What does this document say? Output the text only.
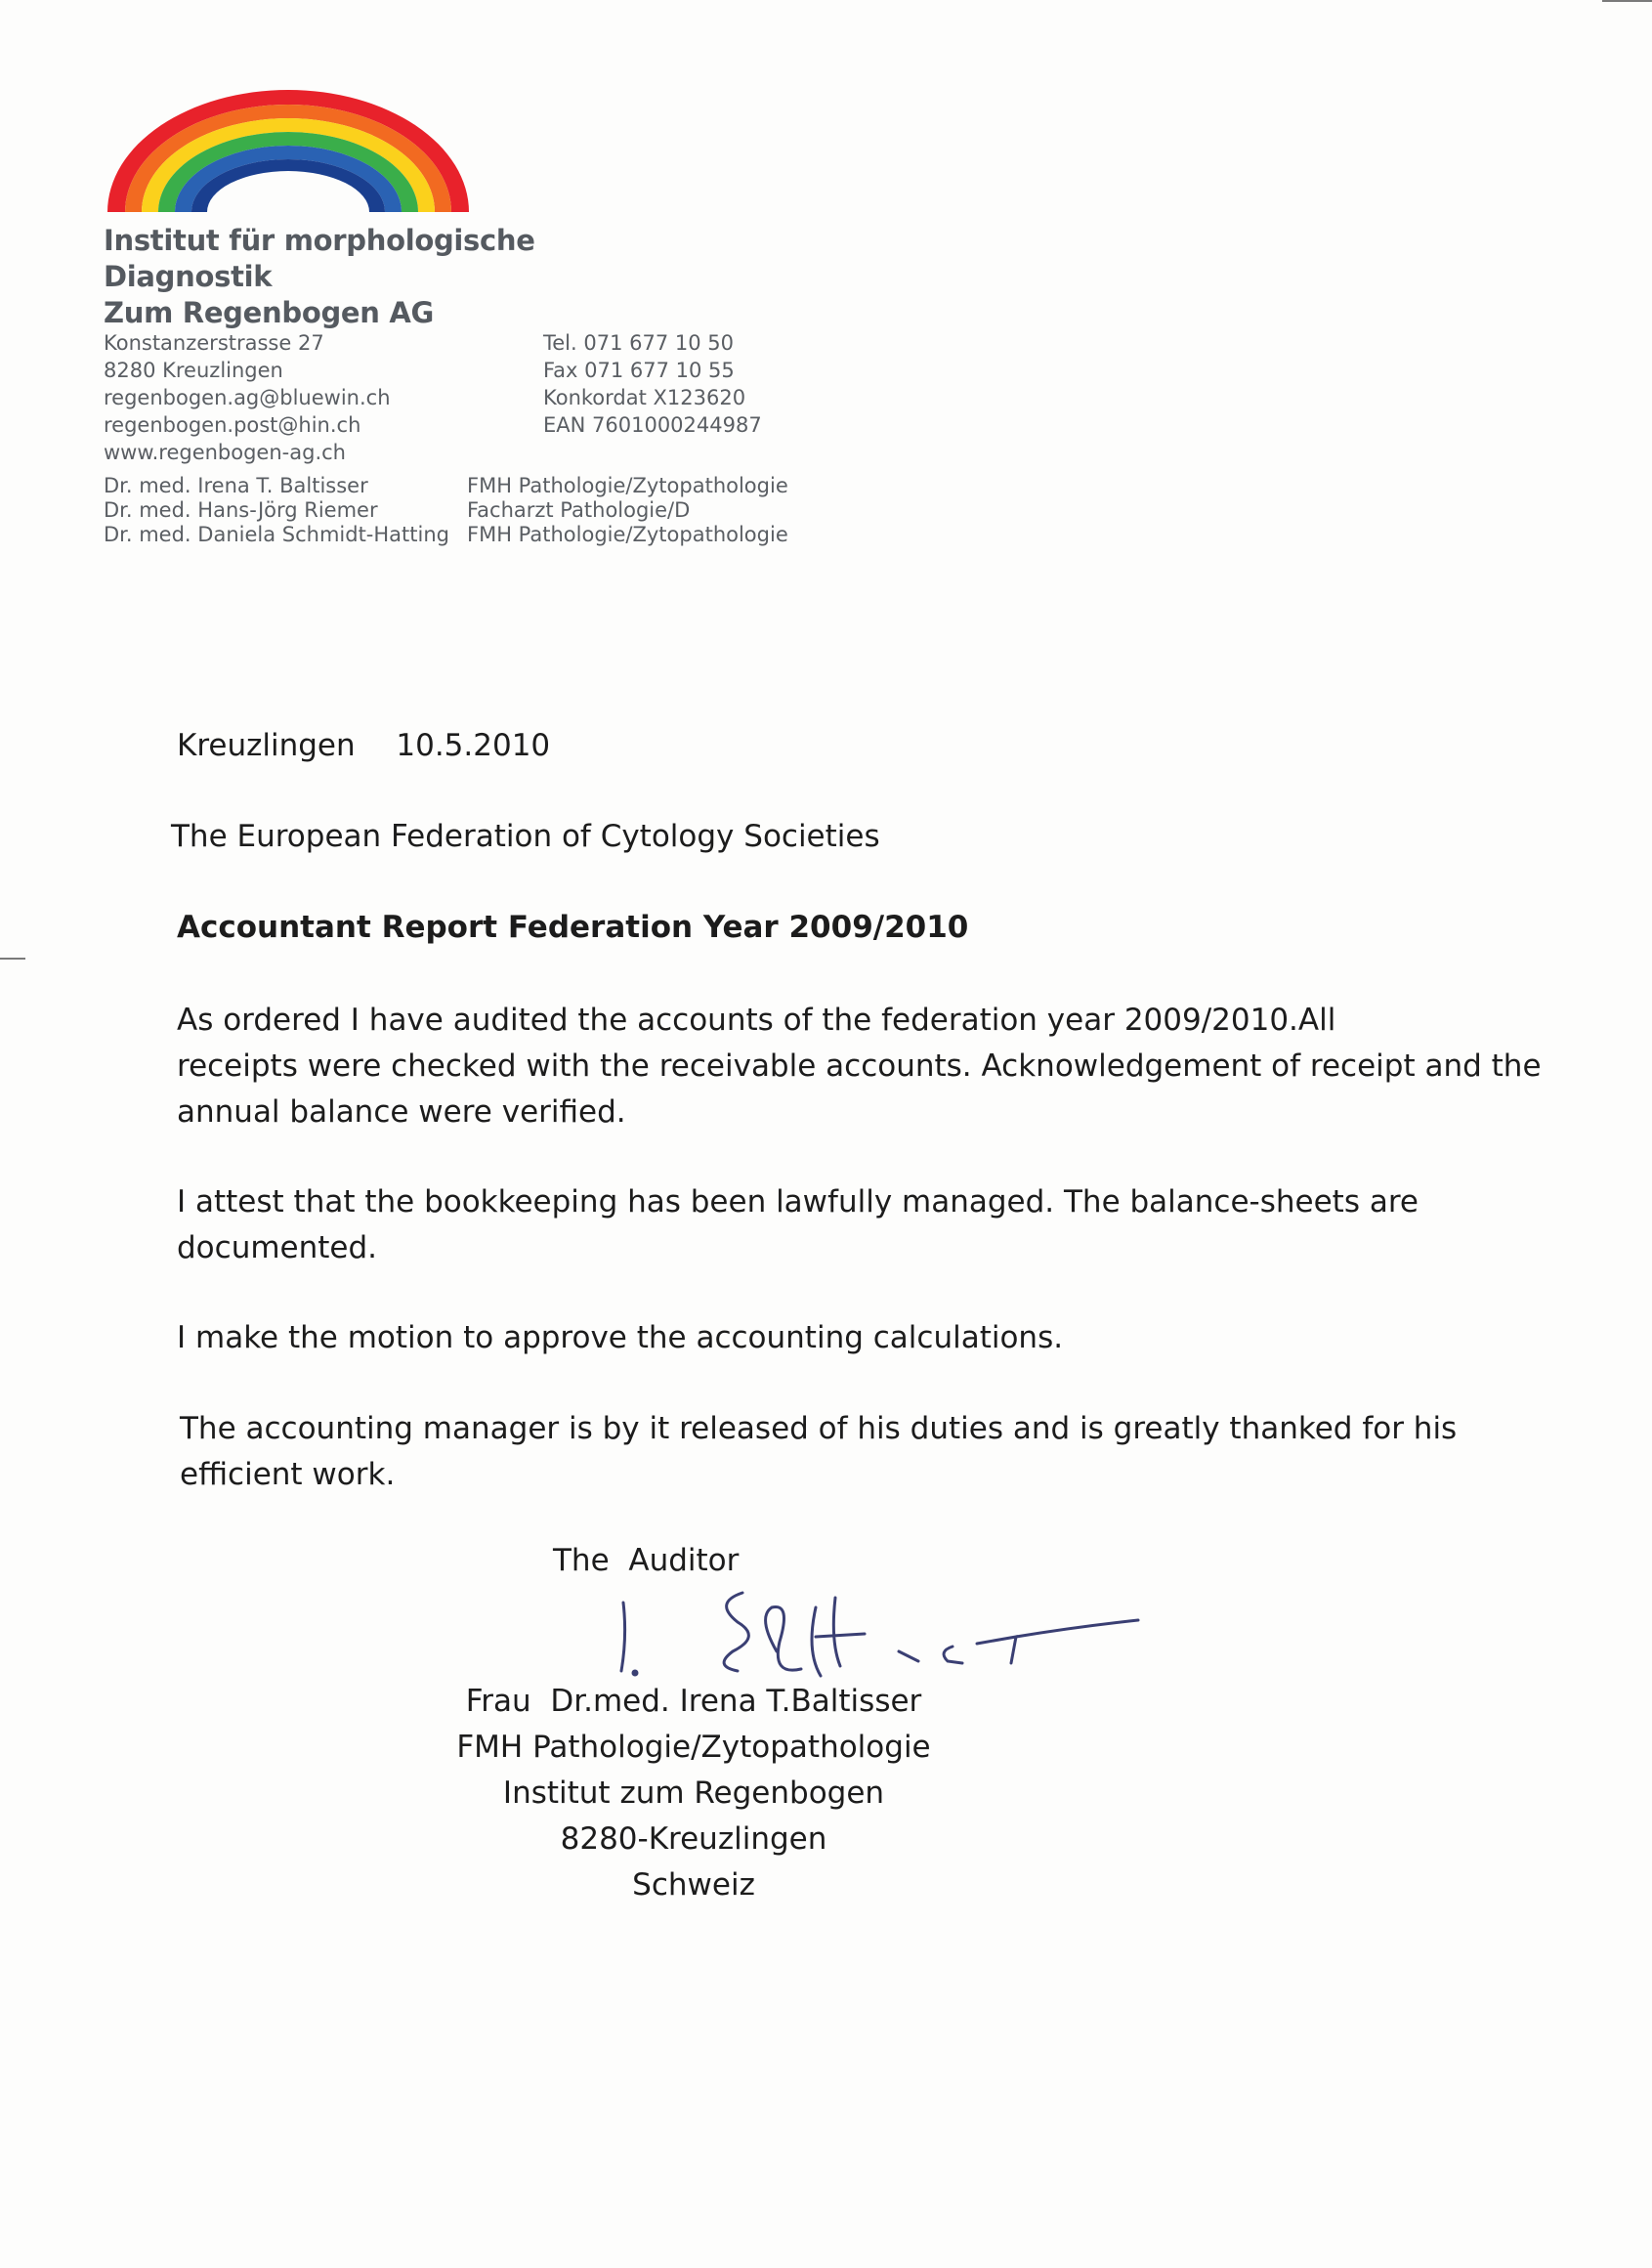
Institut für morphologische
Diagnostik
Zum Regenbogen AG
Konstanzerstrasse 27
8280 Kreuzlingen
regenbogen.ag@bluewin.ch
regenbogen.post@hin.ch
www.regenbogen-ag.ch
Tel. 071 677 10 50
Fax 071 677 10 55
Konkordat X123620
EAN 7601000244987
Dr. med. Irena T. Baltisser
Dr. med. Hans-Jörg Riemer
Dr. med. Daniela Schmidt-Hatting
FMH Pathologie/Zytopathologie
Facharzt Pathologie/D
FMH Pathologie/Zytopathologie
Kreuzlingen 10.5.2010
The European Federation of Cytology Societies
Accountant Report Federation Year 2009/2010
As ordered I have audited the accounts of the federation year 2009/2010.All
receipts were checked with the receivable accounts. Acknowledgement of receipt and the
annual balance were verified.
I attest that the bookkeeping has been lawfully managed. The balance-sheets are
documented.
I make the motion to approve the accounting calculations.
The accounting manager is by it released of his duties and is greatly thanked for his
efficient work.
The  Auditor
Frau  Dr.med. Irena T.Baltisser
FMH Pathologie/Zytopathologie
Institut zum Regenbogen
8280-Kreuzlingen
Schweiz
